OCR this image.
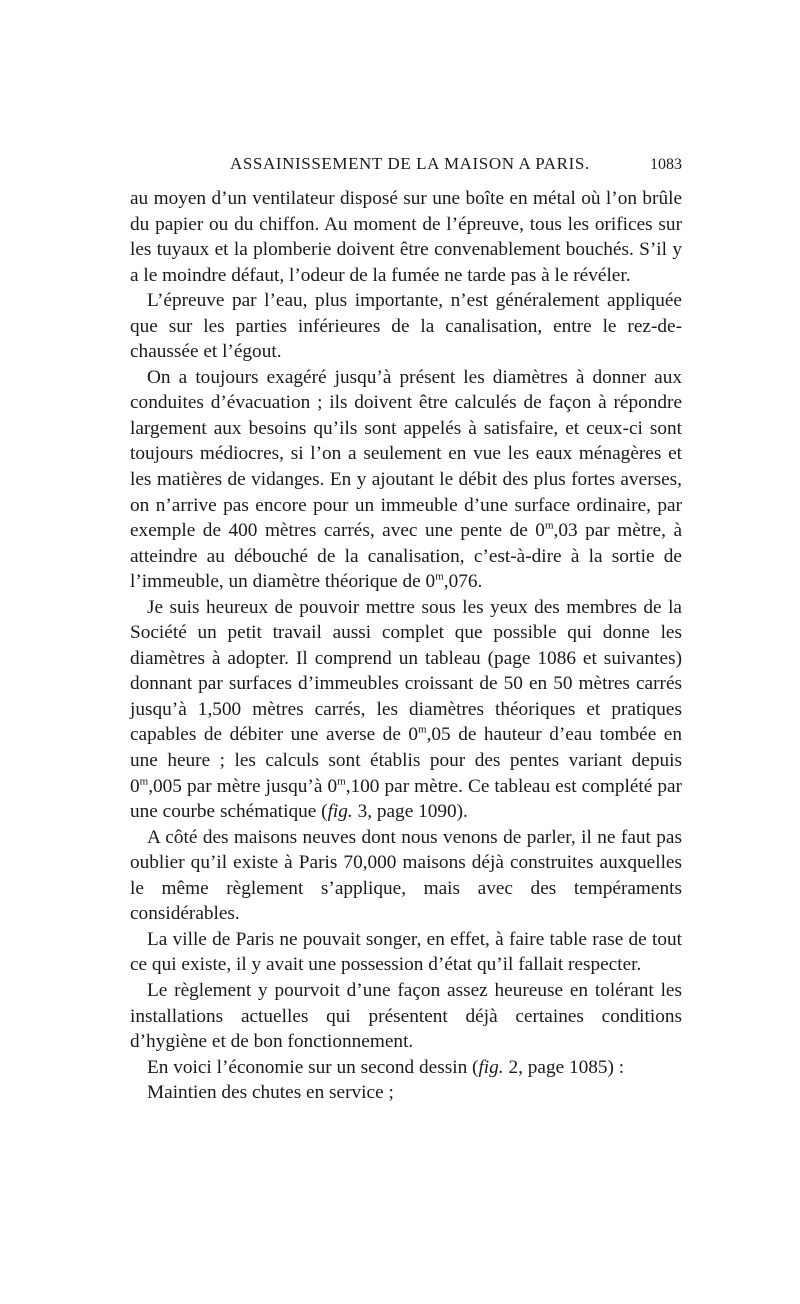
ASSAINISSEMENT DE LA MAISON A PARIS.	1083

au moyen d’un ventilateur disposé sur une boîte en métal où l’on brûle du papier ou du chiffon. Au moment de l’épreuve, tous les orifices sur les tuyaux et la plomberie doivent être convenablement bouchés. S’il y a le moindre défaut, l’odeur de la fumée ne tarde pas à le révéler.

L’épreuve par l’eau, plus importante, n’est généralement appliquée que sur les parties inférieures de la canalisation, entre le rez-de-chaussée et l’égout.

On a toujours exagéré jusqu’à présent les diamètres à donner aux conduites d’évacuation ; ils doivent être calculés de façon à répondre largement aux besoins qu’ils sont appelés à satisfaire, et ceux-ci sont toujours médiocres, si l’on a seulement en vue les eaux ménagères et les matières de vidanges. En y ajoutant le débit des plus fortes averses, on n’arrive pas encore pour un immeuble d’une surface ordinaire, par exemple de 400 mètres carrés, avec une pente de 0$^m$,03 par mètre, à atteindre au débouché de la canalisation, c’est-à-dire à la sortie de l’immeuble, un diamètre théorique de 0$^m$,076.

Je suis heureux de pouvoir mettre sous les yeux des membres de la Société un petit travail aussi complet que possible qui donne les diamètres à adopter. Il comprend un tableau (page 1086 et suivantes) donnant par surfaces d’immeubles croissant de 50 en 50 mètres carrés jusqu’à 1,500 mètres carrés, les diamètres théoriques et pratiques capables de débiter une averse de 0$^m$,05 de hauteur d’eau tombée en une heure ; les calculs sont établis pour des pentes variant depuis 0$^m$,005 par mètre jusqu’à 0$^m$,100 par mètre. Ce tableau est complété par une courbe schématique (fig. 3, page 1090).

A côté des maisons neuves dont nous venons de parler, il ne faut pas oublier qu’il existe à Paris 70,000 maisons déjà construites auxquelles le même règlement s’applique, mais avec des tempéraments considérables.

La ville de Paris ne pouvait songer, en effet, à faire table rase de tout ce qui existe, il y avait une possession d’état qu’il fallait respecter.

Le règlement y pourvoit d’une façon assez heureuse en tolérant les installations actuelles qui présentent déjà certaines conditions d’hygiène et de bon fonctionnement.

En voici l’économie sur un second dessin (fig. 2, page 1085) :

Maintien des chutes en service ;
